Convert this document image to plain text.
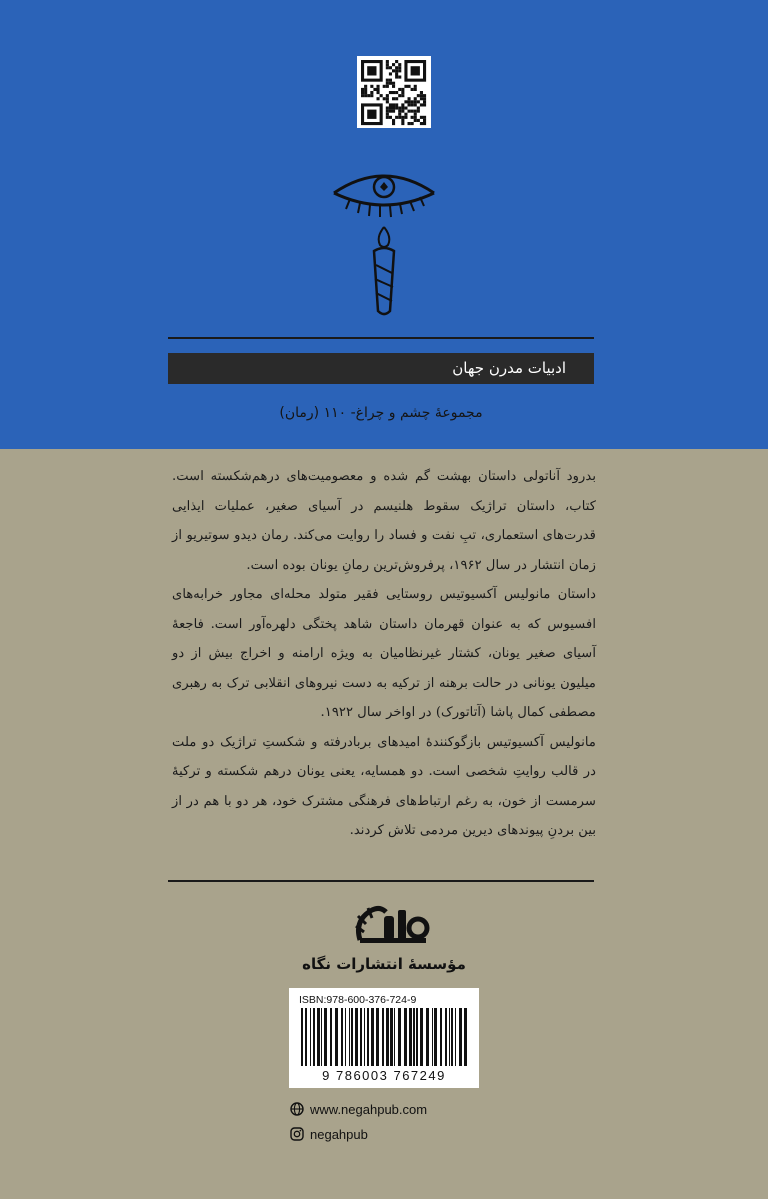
ادبیات مدرن جهان
مجموعهٔ چشم و چراغ- ۱۱۰ (رمان)

بدرود آناتولی داستان بهشت گم شده و معصومیت‌های درهم‌شکسته است. کتاب، داستان تراژیک سقوط هلنیسم در آسیای صغیر، عملیات ایذایی قدرت‌های استعماری، تبِ نفت و فساد را روایت می‌کند. رمان دیدو سوتیریو از زمان انتشار در سال ۱۹۶۲، پرفروش‌ترین رمانِ یونان بوده است.

داستان مانولیس آکسیوتیس روستایی فقیر متولد محله‌ای مجاور خرابه‌های افسیوس که به عنوان قهرمان داستان شاهد پختگی دلهره‌آور است. فاجعهٔ آسیای صغیر یونان، کشتار غیرنظامیان به ویژه ارامنه و اخراج بیش از دو میلیون یونانی در حالت برهنه از ترکیه به دست نیروهای انقلابی ترک به رهبری مصطفی کمال پاشا (آتاتورک) در اواخر سال ۱۹۲۲.

مانولیس آکسیوتیس بازگوکنندهٔ امیدهای بربادرفته و شکستِ تراژیک دو ملت در قالب روایتِ شخصی است. دو همسایه، یعنی یونان درهم شکسته و ترکیهٔ سرمست از خون، به رغم ارتباط‌های فرهنگی مشترک خود، هر دو با هم در از بین بردنِ پیوندهای دیرین مردمی تلاش کردند.

مؤسسهٔ انتشارات نگاه
ISBN:978-600-376-724-9
9 786003 767249
www.negahpub.com
negahpub
